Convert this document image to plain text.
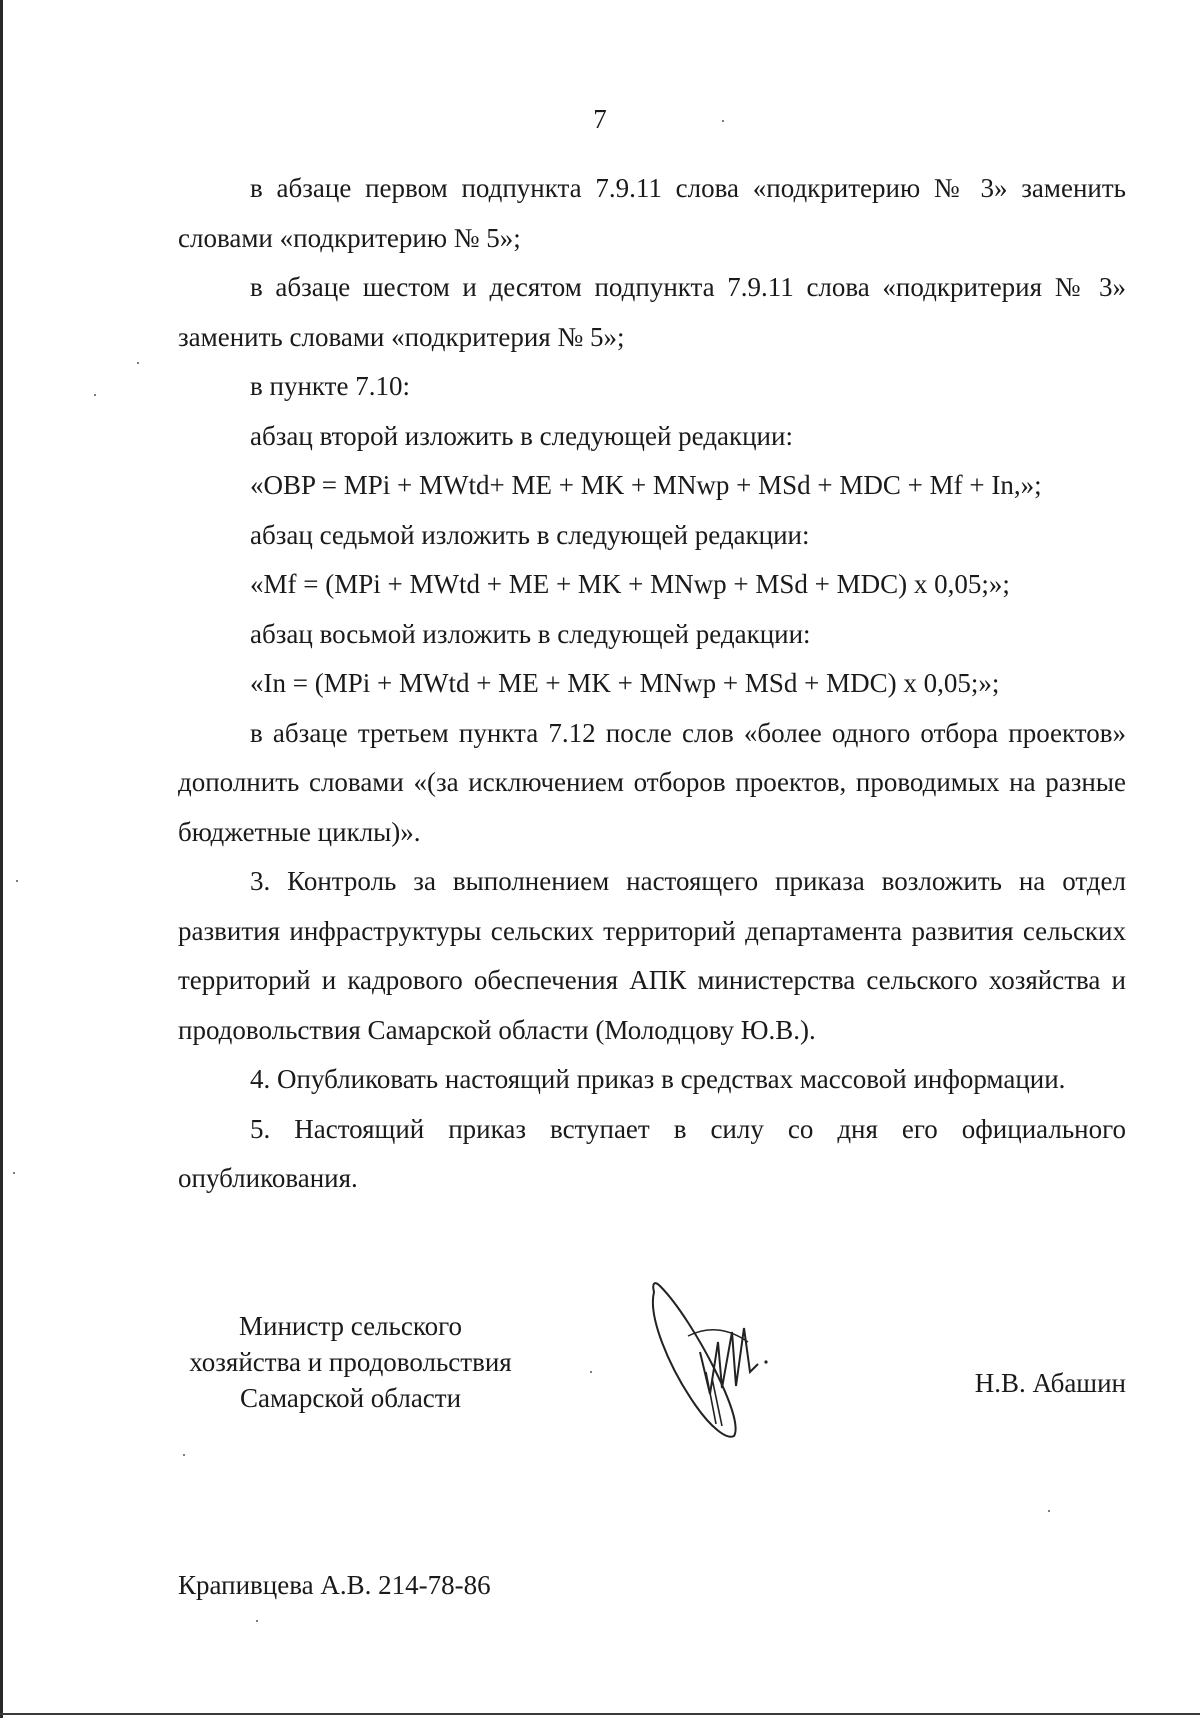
7

в абзаце первом подпункта 7.9.11 слова «подкритерию № 3» заменить словами «подкритерию № 5»;

в абзаце шестом и десятом подпункта 7.9.11 слова «подкритерия № 3» заменить словами «подкритерия № 5»;

в пункте 7.10:

абзац второй изложить в следующей редакции:

«OBP = MPi + MWtd+ ME + MK + MNwp + MSd + MDC + Mf + In,»;

абзац седьмой изложить в следующей редакции:

«Mf = (MPi + MWtd + ME + MK + MNwp + MSd + MDC) x 0,05;»;

абзац восьмой изложить в следующей редакции:

«In = (MPi + MWtd + ME + MK + MNwp + MSd + MDC) x 0,05;»;

в абзаце третьем пункта 7.12 после слов «более одного отбора проектов» дополнить словами «(за исключением отборов проектов, проводимых на разные бюджетные циклы)».

3. Контроль за выполнением настоящего приказа возложить на отдел развития инфраструктуры сельских территорий департамента развития сельских территорий и кадрового обеспечения АПК министерства сельского хозяйства и продовольствия Самарской области (Молодцову Ю.В.).

4. Опубликовать настоящий приказ в средствах массовой информации.

5. Настоящий приказ вступает в силу со дня его официального опубликования.

Министр сельского
хозяйства и продовольствия
Самарской области	Н.В. Абашин
Крапивцева А.В. 214-78-86
